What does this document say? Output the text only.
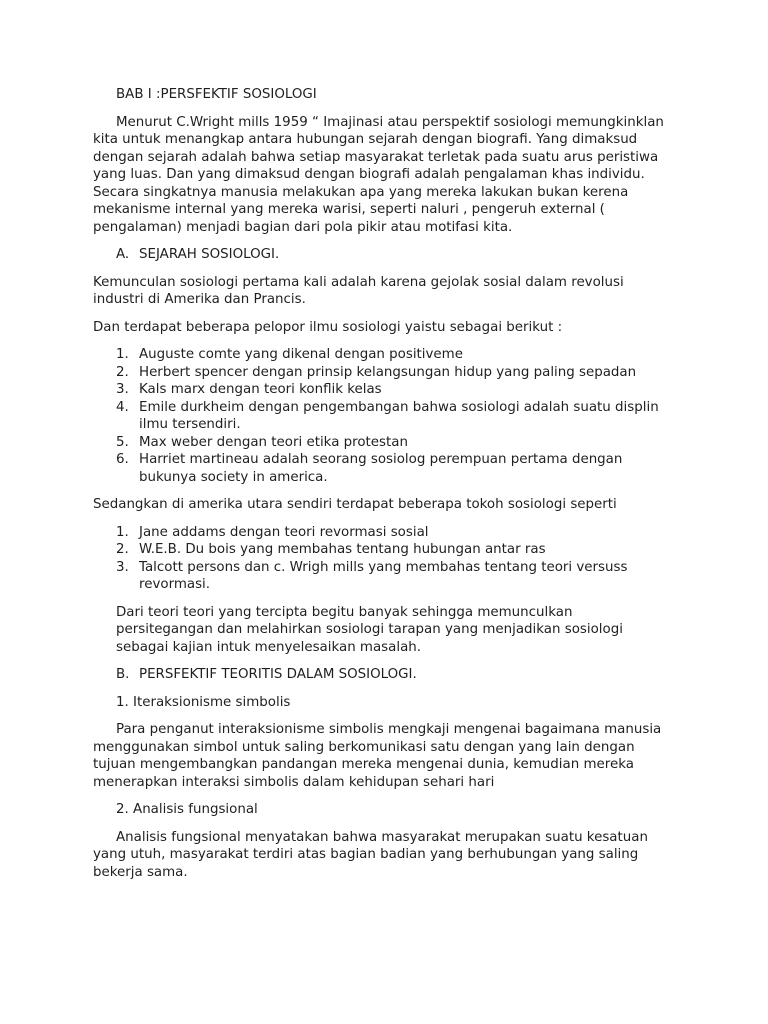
BAB I :PERSFEKTIF SOSIOLOGI

Menurut C.Wright mills 1959 “ Imajinasi atau perspektif sosiologi memungkinklan kita untuk menangkap antara hubungan sejarah dengan biografi. Yang dimaksud dengan sejarah adalah bahwa setiap masyarakat terletak pada suatu arus peristiwa yang luas. Dan yang dimaksud dengan biografi adalah pengalaman khas individu. Secara singkatnya manusia melakukan apa yang mereka lakukan bukan kerena mekanisme internal yang mereka warisi, seperti naluri , pengeruh external ( pengalaman) menjadi bagian dari pola pikir atau motifasi kita.

A. SEJARAH SOSIOLOGI.

Kemunculan sosiologi pertama kali adalah karena gejolak sosial dalam revolusi industri di Amerika dan Prancis.

Dan terdapat beberapa pelopor ilmu sosiologi yaistu sebagai berikut :

1. Auguste comte yang dikenal dengan positiveme
2. Herbert spencer dengan prinsip kelangsungan hidup yang paling sepadan
3. Kals marx dengan teori konflik kelas
4. Emile durkheim dengan pengembangan bahwa sosiologi adalah suatu displin ilmu tersendiri.
5. Max weber dengan teori etika protestan
6. Harriet martineau adalah seorang sosiolog perempuan pertama dengan bukunya society in america.

Sedangkan di amerika utara sendiri terdapat beberapa tokoh sosiologi seperti

1. Jane addams dengan teori revormasi sosial
2. W.E.B. Du bois yang membahas tentang hubungan antar ras
3. Talcott persons dan c. Wrigh mills yang membahas tentang teori versuss revormasi.

Dari teori teori yang tercipta begitu banyak sehingga memunculkan persitegangan dan melahirkan sosiologi tarapan yang menjadikan sosiologi sebagai kajian intuk menyelesaikan masalah.

B. PERSFEKTIF TEORITIS DALAM SOSIOLOGI.

1. Iteraksionisme simbolis

Para penganut interaksionisme simbolis mengkaji mengenai bagaimana manusia menggunakan simbol untuk saling berkomunikasi satu dengan yang lain dengan tujuan mengembangkan pandangan mereka mengenai dunia, kemudian mereka menerapkan interaksi simbolis dalam kehidupan sehari hari

2. Analisis fungsional

Analisis fungsional menyatakan bahwa masyarakat merupakan suatu kesatuan yang utuh, masyarakat terdiri atas bagian badian yang berhubungan yang saling bekerja sama.
